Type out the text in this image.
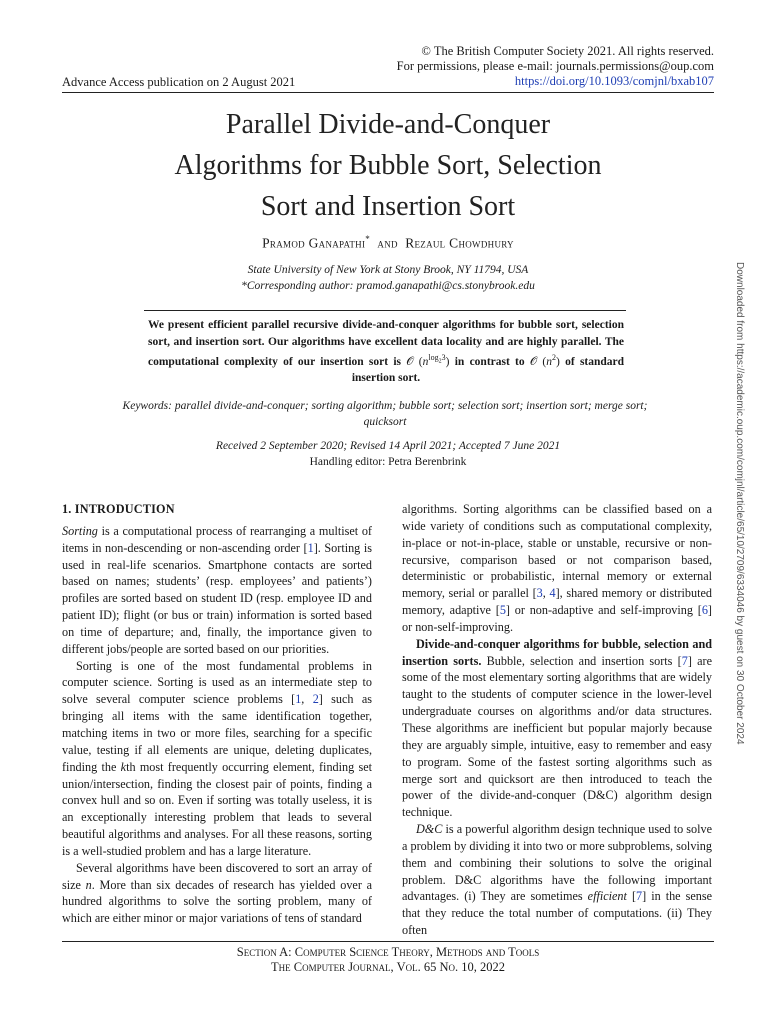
Advance Access publication on 2 August 2021
© The British Computer Society 2021. All rights reserved.
For permissions, please e-mail: journals.permissions@oup.com
https://doi.org/10.1093/comjnl/bxab107
Parallel Divide-and-Conquer
Algorithms for Bubble Sort, Selection
Sort and Insertion Sort
Pramod Ganapathi* and Rezaul Chowdhury
State University of New York at Stony Brook, NY 11794, USA
*Corresponding author: pramod.ganapathi@cs.stonybrook.edu
We present efficient parallel recursive divide-and-conquer algorithms for bubble sort, selection sort, and insertion sort. Our algorithms have excellent data locality and are highly parallel. The computational complexity of our insertion sort is 𝒪 $(n^{log_23})$ in contrast to 𝒪 $(n^2)$ of standard insertion sort.
Keywords: parallel divide-and-conquer; sorting algorithm; bubble sort; selection sort; insertion sort; merge sort; quicksort
Received 2 September 2020; Revised 14 April 2021; Accepted 7 June 2021
Handling editor: Petra Berenbrink
1. INTRODUCTION

Sorting is a computational process of rearranging a multiset of items in non-descending or non-ascending order [1]. Sorting is used in real-life scenarios. Smartphone contacts are sorted based on names; students’ (resp. employees’ and patients’) profiles are sorted based on student ID (resp. employee ID and patient ID); flight (or bus or train) information is sorted based on time of departure; and, finally, the importance given to different jobs/people are sorted based on our priorities.

Sorting is one of the most fundamental problems in computer science. Sorting is used as an intermediate step to solve several computer science problems [1, 2] such as bringing all items with the same identification together, matching items in two or more files, searching for a specific value, testing if all elements are unique, deleting duplicates, finding the kth most frequently occurring element, finding set union/intersection, finding the closest pair of points, finding a convex hull and so on. Even if sorting was totally useless, it is an exceptionally interesting problem that leads to several beautiful algorithms and analyses. For all these reasons, sorting is a well-studied problem and has a large literature.

Several algorithms have been discovered to sort an array of size n. More than six decades of research has yielded over a hundred algorithms to solve the sorting problem, many of which are either minor or major variations of tens of standard

algorithms. Sorting algorithms can be classified based on a wide variety of conditions such as computational complexity, in-place or not-in-place, stable or unstable, recursive or non-recursive, comparison based or not comparison based, deterministic or probabilistic, internal memory or external memory, serial or parallel [3, 4], shared memory or distributed memory, adaptive [5] or non-adaptive and self-improving [6] or non-self-improving.

Divide-and-conquer algorithms for bubble, selection and insertion sorts. Bubble, selection and insertion sorts [7] are some of the most elementary sorting algorithms that are widely taught to the students of computer science in the lower-level undergraduate courses on algorithms and/or data structures. These algorithms are inefficient but popular majorly because they are arguably simple, intuitive, easy to remember and easy to program. Some of the fastest sorting algorithms such as merge sort and quicksort are then introduced to teach the power of the divide-and-conquer (D&C) algorithm design technique.

D&C is a powerful algorithm design technique used to solve a problem by dividing it into two or more subproblems, solving them and combining their solutions to solve the original problem. D&C algorithms have the following important advantages. (i) They are sometimes efficient [7] in the sense that they reduce the total number of computations. (ii) They often

Section A: Computer Science Theory, Methods and Tools
The Computer Journal, Vol. 65 No. 10, 2022
Downloaded from https://academic.oup.com/comjnl/article/65/10/2709/6334046 by guest on 30 October 2024
